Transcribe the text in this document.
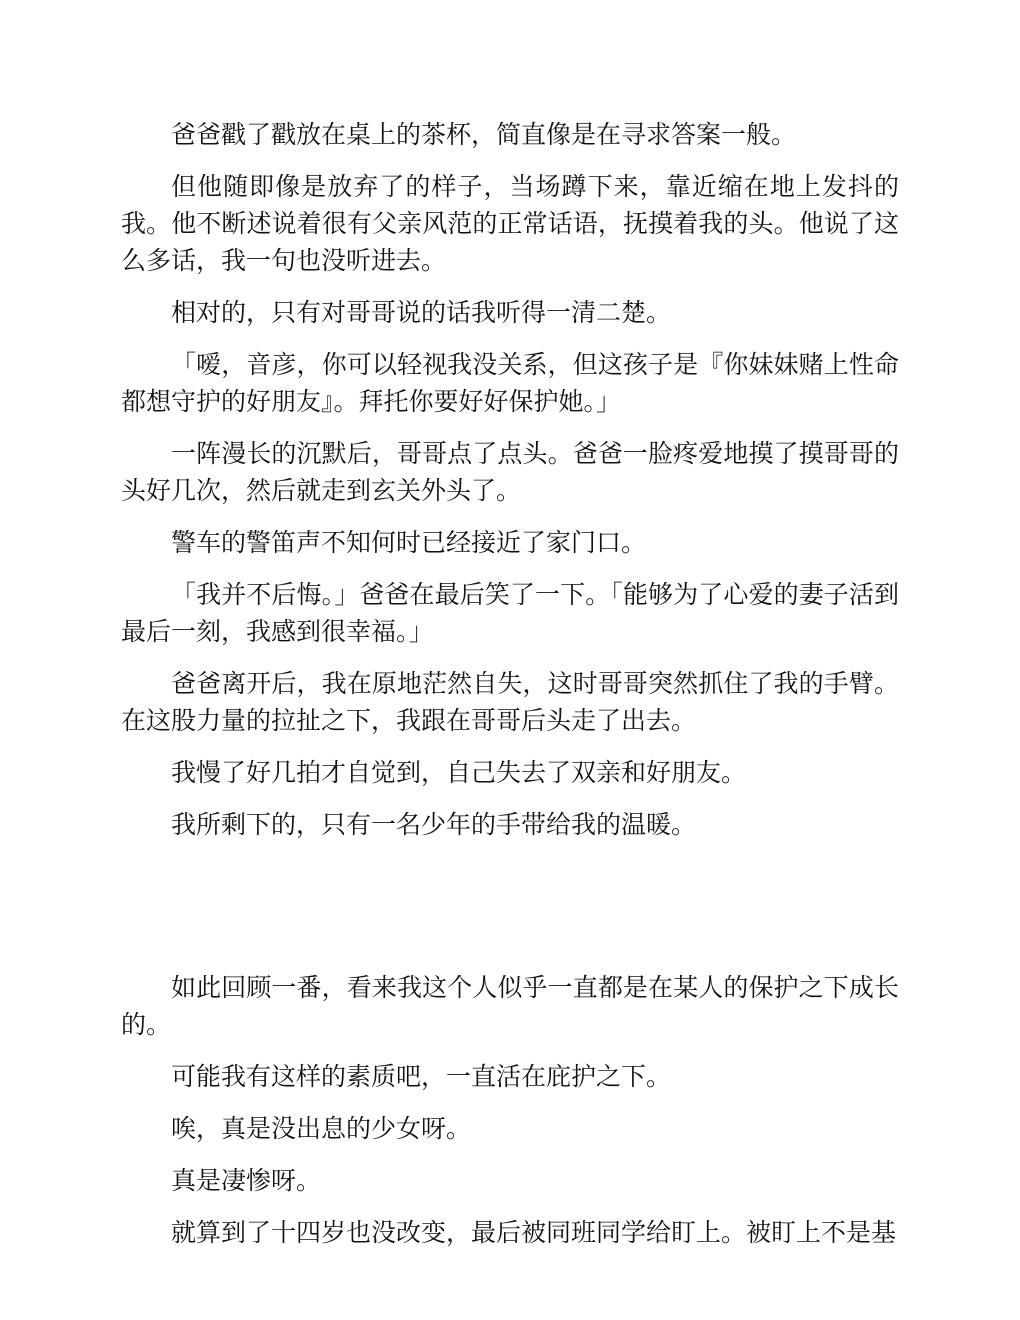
爸爸戳了戳放在桌上的茶杯，简直像是在寻求答案一般。

但他随即像是放弃了的样子，当场蹲下来，靠近缩在地上发抖的我。他不断述说着很有父亲风范的正常话语，抚摸着我的头。他说了这么多话，我一句也没听进去。

相对的，只有对哥哥说的话我听得一清二楚。

「嗳，音彦，你可以轻视我没关系，但这孩子是『你妹妹赌上性命都想守护的好朋友』。拜托你要好好保护她。」

一阵漫长的沉默后，哥哥点了点头。爸爸一脸疼爱地摸了摸哥哥的头好几次，然后就走到玄关外头了。

警车的警笛声不知何时已经接近了家门口。

「我并不后悔。」爸爸在最后笑了一下。「能够为了心爱的妻子活到最后一刻，我感到很幸福。」

爸爸离开后，我在原地茫然自失，这时哥哥突然抓住了我的手臂。在这股力量的拉扯之下，我跟在哥哥后头走了出去。

我慢了好几拍才自觉到，自己失去了双亲和好朋友。

我所剩下的，只有一名少年的手带给我的温暖。

如此回顾一番，看来我这个人似乎一直都是在某人的保护之下成长的。

可能我有这样的素质吧，一直活在庇护之下。

唉，真是没出息的少女呀。

真是凄惨呀。

就算到了十四岁也没改变，最后被同班同学给盯上。被盯上不是基
